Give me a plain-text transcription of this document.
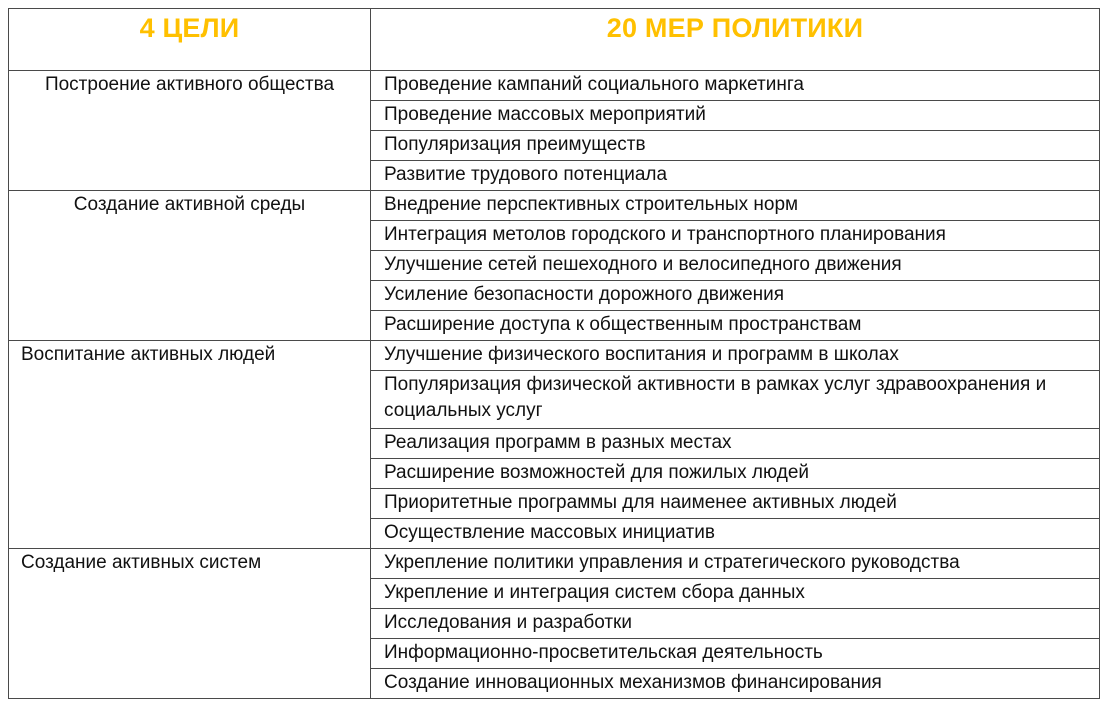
4 ЦЕЛИ	20 МЕР ПОЛИТИКИ
Построение активного общества	Проведение кампаний социального маркетинга
	Проведение массовых мероприятий
	Популяризация преимуществ
	Развитие трудового потенциала
Создание активной среды	Внедрение перспективных строительных норм
	Интеграция метолов городского и транспортного планирования
	Улучшение сетей пешеходного и велосипедного движения
	Усиление безопасности дорожного движения
	Расширение доступа к общественным пространствам
Воспитание активных людей	Улучшение физического воспитания и программ в школах
	Популяризация физической активности в рамках услуг здравоохранения и социальных услуг
	Реализация программ в разных местах
	Расширение возможностей для пожилых людей
	Приоритетные программы для наименее активных людей
	Осуществление массовых инициатив
Создание активных систем	Укрепление политики управления и стратегического руководства
	Укрепление и интеграция систем сбора данных
	Исследования и разработки
	Информационно-просветительская деятельность
	Создание инновационных механизмов финансирования
